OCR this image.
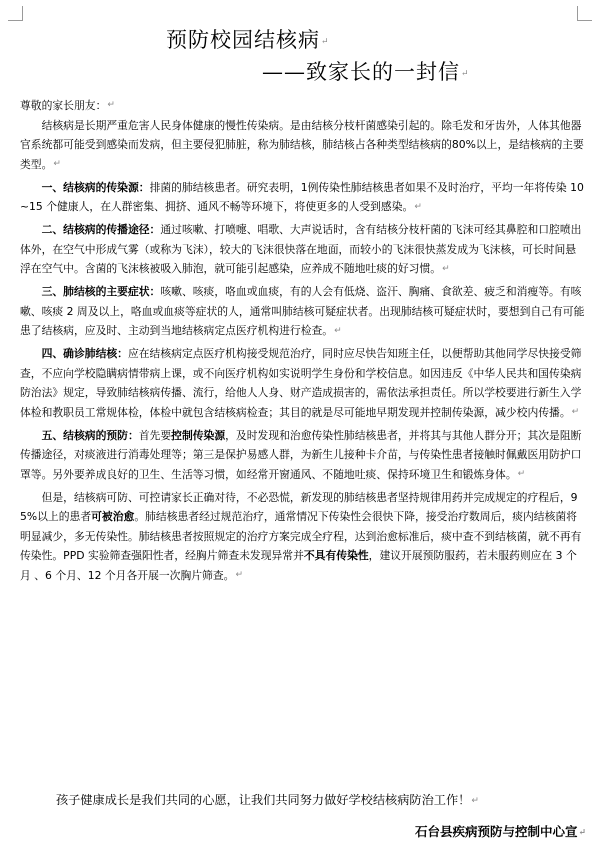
预防校园结核病↵
——致家长的一封信↵

尊敬的家长朋友：↵

结核病是长期严重危害人民身体健康的慢性传染病。是由结核分枝杆菌感染引起的。除毛发和牙齿外，人体其他器官系统都可能受到感染而发病，但主要侵犯肺脏，称为肺结核，肺结核占各种类型结核病的80%以上，是结核病的主要类型。↵

一、结核病的传染源：排菌的肺结核患者。研究表明，1例传染性肺结核患者如果不及时治疗，平均一年将传染 10~15 个健康人，在人群密集、拥挤、通风不畅等环境下，将使更多的人受到感染。↵

二、结核病的传播途径：通过咳嗽、打喷嚏、唱歌、大声说话时，含有结核分枝杆菌的飞沫可经其鼻腔和口腔喷出体外，在空气中形成气雾（或称为飞沫），较大的飞沫很快落在地面，而较小的飞沫很快蒸发成为飞沫核，可长时间悬浮在空气中。含菌的飞沫核被吸入肺泡，就可能引起感染，应养成不随地吐痰的好习惯。↵

三、肺结核的主要症状：咳嗽、咳痰，咯血或血痰，有的人会有低烧、盗汗、胸痛、食欲差、疲乏和消瘦等。有咳嗽、咳痰 2 周及以上，咯血或血痰等症状的人，通常叫肺结核可疑症状者。出现肺结核可疑症状时，要想到自己有可能患了结核病，应及时、主动到当地结核病定点医疗机构进行检查。↵

四、确诊肺结核：应在结核病定点医疗机构接受规范治疗，同时应尽快告知班主任，以便帮助其他同学尽快接受筛查，不应向学校隐瞒病情带病上课，或不向医疗机构如实说明学生身份和学校信息。如因违反《中华人民共和国传染病防治法》规定，导致肺结核病传播、流行，给他人人身、财产造成损害的，需依法承担责任。所以学校要进行新生入学体检和教职员工常规体检，体检中就包含结核病检查；其目的就是尽可能地早期发现并控制传染源，减少校内传播。↵

五、结核病的预防：首先要控制传染源，及时发现和治愈传染性肺结核患者，并将其与其他人群分开；其次是阻断传播途径，对痰液进行消毒处理等；第三是保护易感人群，为新生儿接种卡介苗，与传染性患者接触时佩戴医用防护口罩等。另外要养成良好的卫生、生活等习惯，如经常开窗通风、不随地吐痰、保持环境卫生和锻炼身体。↵

但是，结核病可防、可控请家长正确对待，不必恐慌，新发现的肺结核患者坚持规律用药并完成规定的疗程后，95%以上的患者可被治愈。肺结核患者经过规范治疗，通常情况下传染性会很快下降，接受治疗数周后，痰内结核菌将明显减少，多无传染性。肺结核患者按照规定的治疗方案完成全疗程，达到治愈标准后，痰中查不到结核菌，就不再有传染性。PPD 实验筛查强阳性者，经胸片筛查未发现异常并不具有传染性，建议开展预防服药，若未服药则应在 3 个月 、6 个月、12 个月各开展一次胸片筛查。↵

孩子健康成长是我们共同的心愿，让我们共同努力做好学校结核病防治工作！↵
石台县疾病预防与控制中心宣↵
